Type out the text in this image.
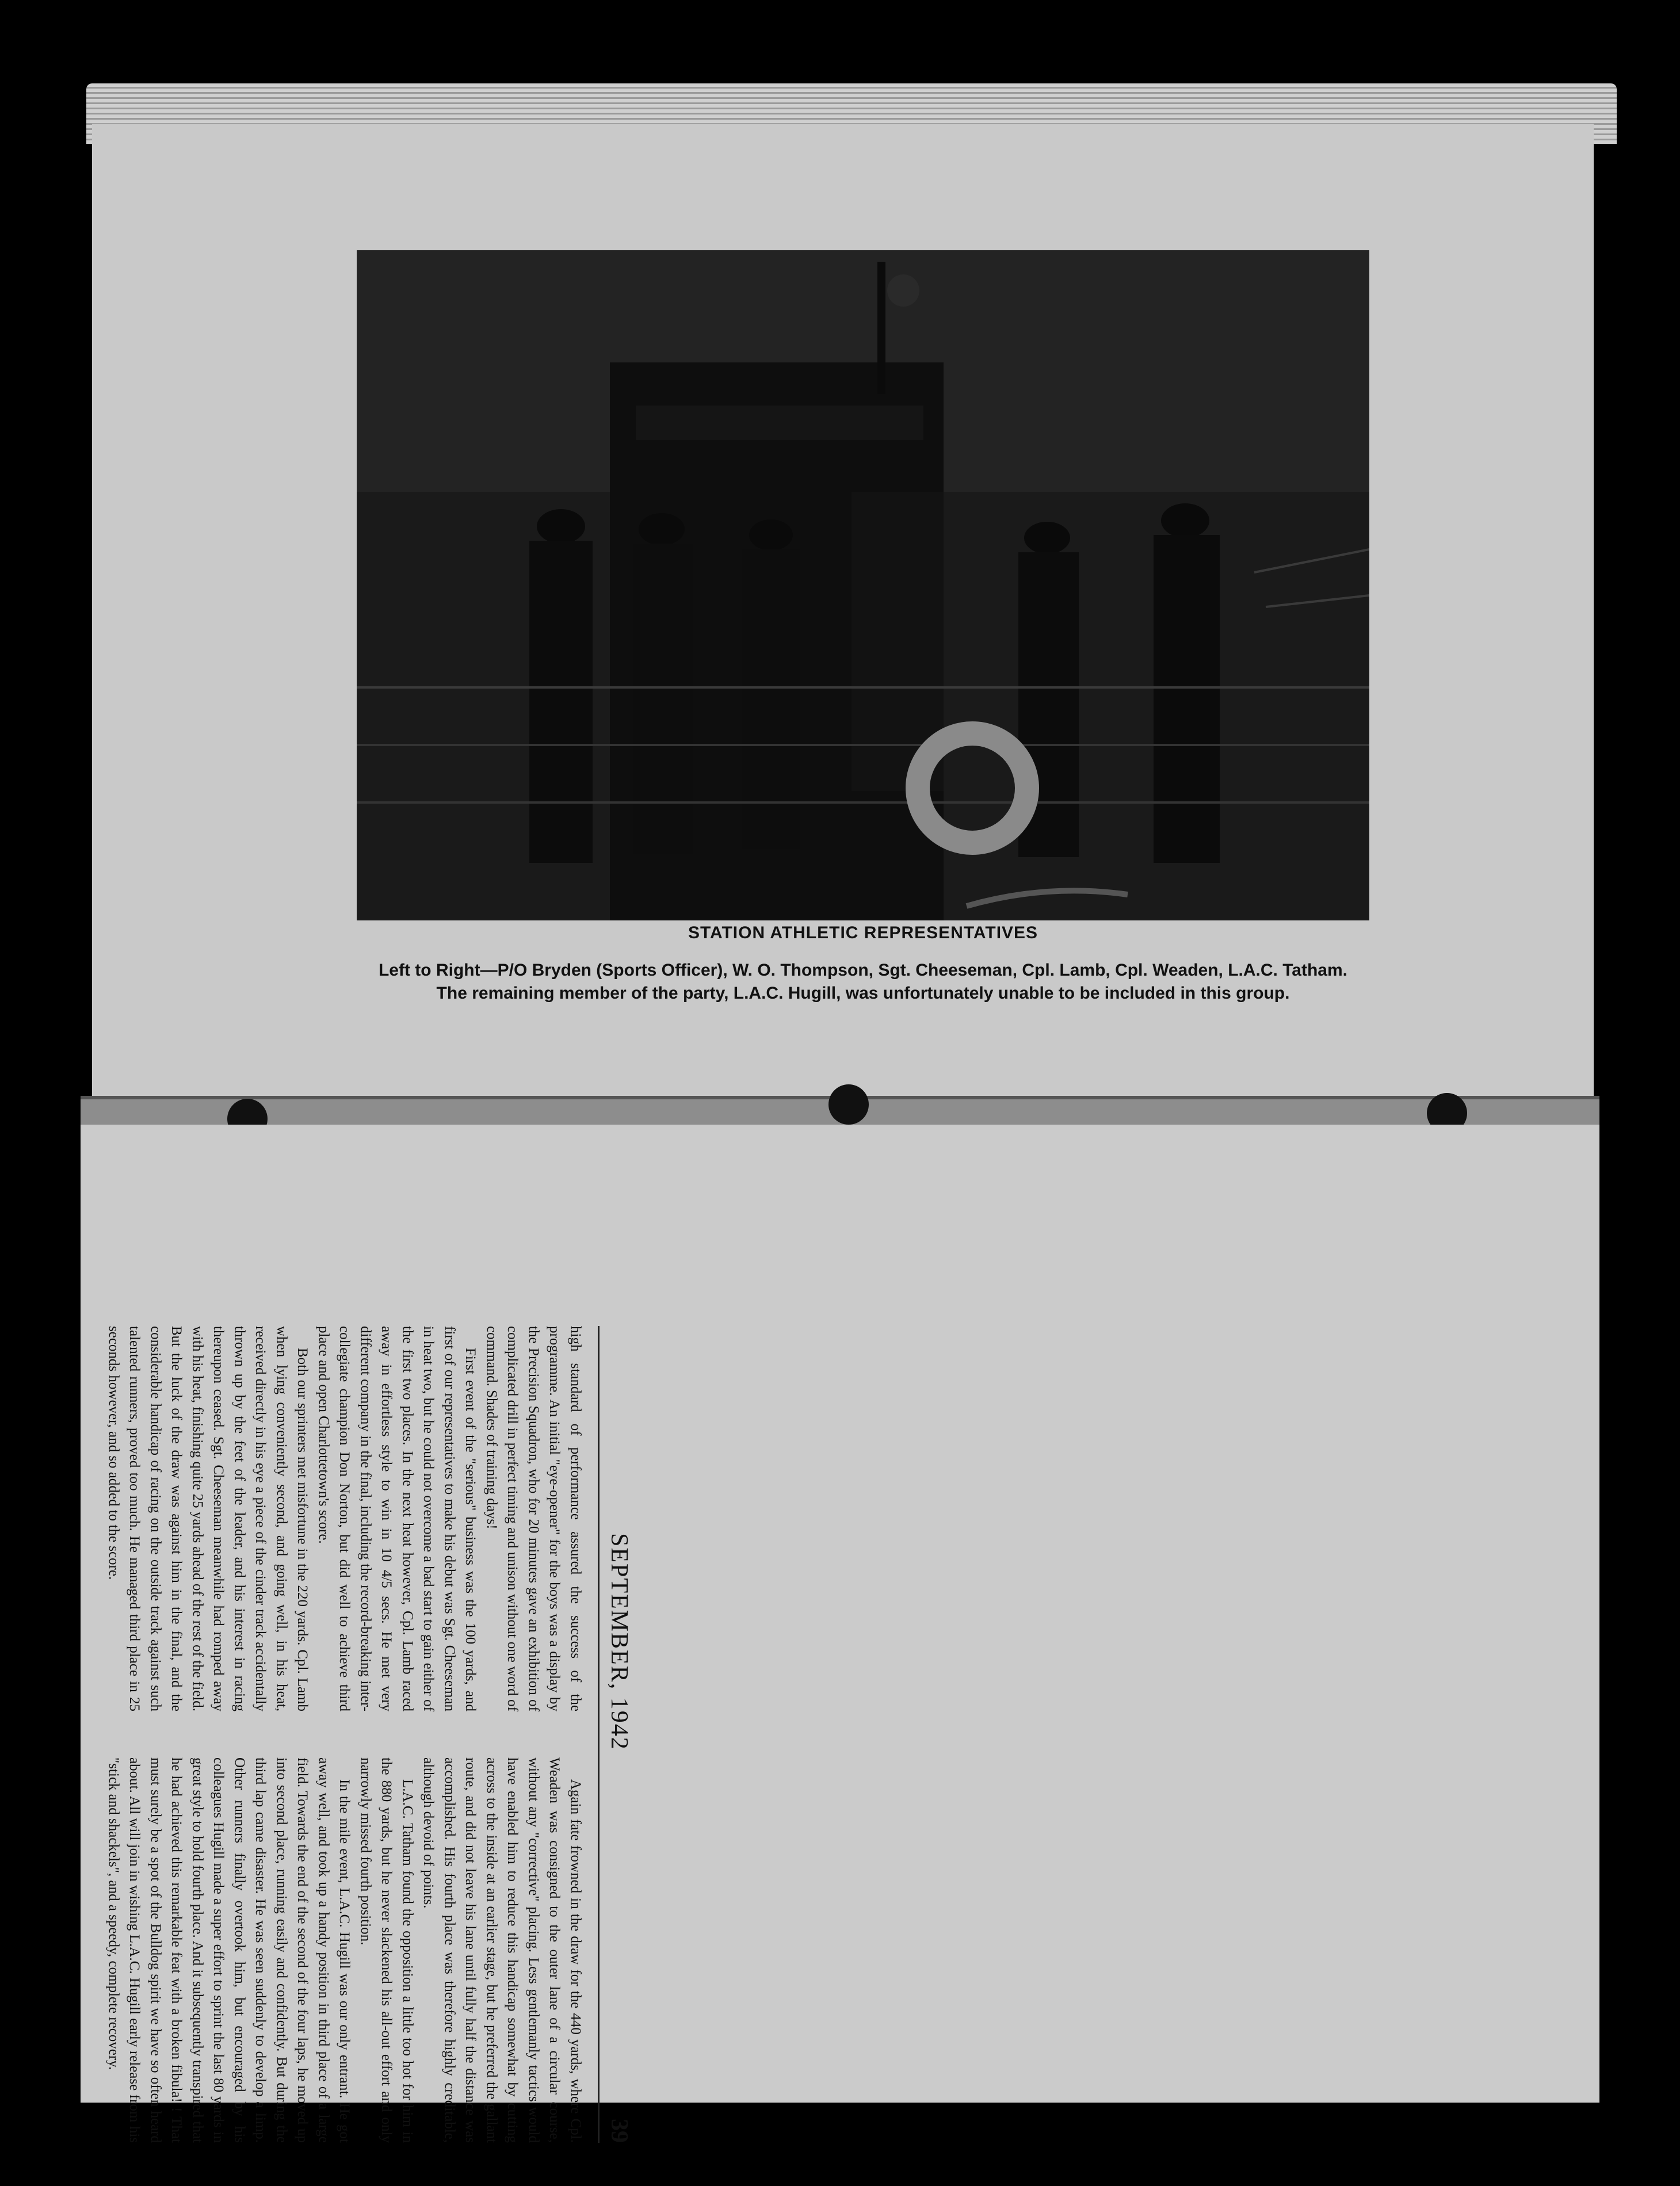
STATION ATHLETIC REPRESENTATIVES

Left to Right—P/O Bryden (Sports Officer), W. O. Thompson, Sgt. Cheeseman, Cpl. Lamb, Cpl. Weaden, L.A.C. Tatham. The remaining member of the party, L.A.C. Hugill, was unfortunately unable to be included in this group.

SEPTEMBER, 1942
39

high standard of performance assured the success of the programme. An initial "eye-opener" for the boys was a display by the Precision Squadron, who for 20 minutes gave an exhibition of complicated drill in perfect timing and unison without one word of command. Shades of training days!

First event of the "serious" business was the 100 yards, and first of our representatives to make his debut was Sgt. Cheeseman in heat two, but he could not overcome a bad start to gain either of the first two places. In the next heat however, Cpl. Lamb raced away in effortless style to win in 10 4/5 secs. He met very different company in the final, including the record-breaking inter-collegiate champion Don Norton, but did well to achieve third place and open Charlottetown's score.

Both our sprinters met misfortune in the 220 yards. Cpl. Lamb when lying conveniently second, and going well, in his heat, received directly in his eye a piece of the cinder track accidentally thrown up by the feet of the leader, and his interest in racing thereupon ceased. Sgt. Cheeseman meanwhile had romped away with his heat, finishing quite 25 yards ahead of the rest of the field. But the luck of the draw was against him in the final, and the considerable handicap of racing on the outside track against such talented runners, proved too much. He managed third place in 25 seconds however, and so added to the score.

Again fate frowned in the draw for the 440 yards, where Cpl. Weaden was consigned to the outer lane of a circular course, without any "corrective" placing. Less gentlemanly tactics would have enabled him to reduce this handicap somewhat by cutting across to the inside at an earlier stage, but he preferred the gallant route, and did not leave his lane until fully half the distance was accomplished. His fourth place was therefore highly creditable, although devoid of points.

L.A.C. Tatham found the opposition a little too hot for him in the 880 yards, but he never slackened his all-out effort and only narrowly missed fourth position.

In the mile event, L.A.C. Hugill was our only entrant. He got away well, and took up a handy position in third place of a large field. Towards the end of the second of the four laps, he moved up into second place, running easily and confidently. But during the third lap came disaster. He was seen suddenly to develop a limp. Other runners finally overtook him, but encouraged by his colleagues Hugill made a super effort to sprint the last 80 yards in great style to hold fourth place. And it subsequently transpired that he had achieved this remarkable feat with a broken fibula! ! That must surely be a spot of the Bulldog spirit we have so often heard about. All will join in wishing L.A.C. Hugill early release from his "stick and shackels", and a speedy, complete recovery.
